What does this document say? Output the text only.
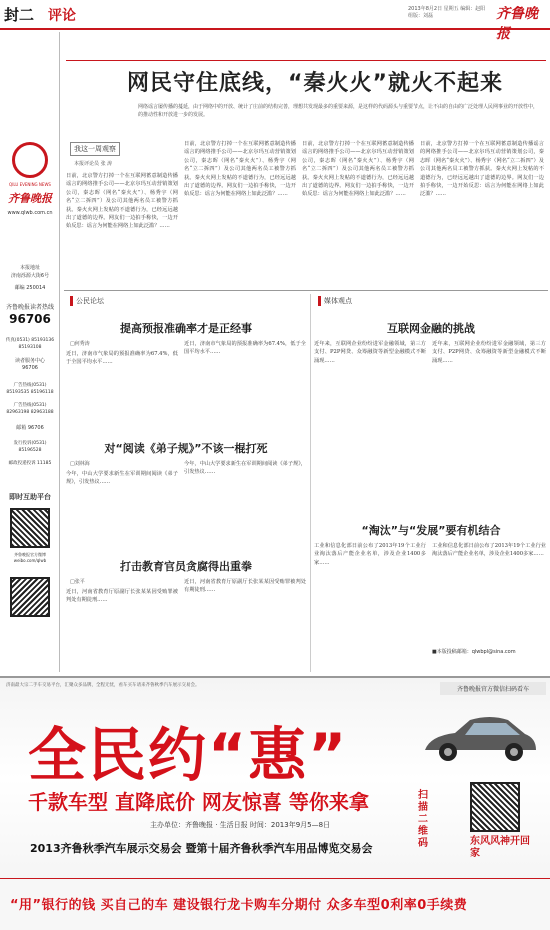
封二 评论	2013年8月2日 星期五 编辑：赵阳 组版：刘磊	齐鲁晚报
QILU EVENING NEWS
齐鲁晚报
www.qlwb.com.cn
本报地址
济南泺源大街6号
邮编 250014
齐鲁晚报读者热线
96706
传真(0531) 85193136 85193108
读者服务中心
96706
广告热线(0531) 85193535 85196118
广告热线(0531) 82963198 82963188
邮箱 96706
发行投诉(0531) 85196528
邮政投递投诉 11185
即时互助平台
齐鲁晚报官方微博 weibo.com/qlwb
网民守住底线，“秦火火”就火不起来
网络谣言屡传播的蔓延，由于网络中的开放、统计了庄前的结构完善，理想共发现最多的重要来源，是这样的代码源头与重要节点，让不由的自由的广泛处理人民网事业的开放性中，的推动性和开放进一步的发展。
我这一周观察
本报评论员 张 涛
日前，北京警方打掉一个在互联网蓄意制造传播谣言的网络推手公司——北京尔玛互动营销策划公司，秦志晖（网名“秦火火”）、杨秀宇（网名“立二拆四”）及公司其他两名员工被警方抓获。秦火火网上发帖的不道德行为，已经远远越出了道德的边界。网友们一边拍手称快，一边开始反思：谣言为何能在网络上如此泛滥？……
日前，北京警方打掉一个在互联网蓄意制造传播谣言的网络推手公司——北京尔玛互动营销策划公司，秦志晖（网名“秦火火”）、杨秀宇（网名“立二拆四”）及公司其他两名员工被警方抓获。秦火火网上发帖的不道德行为，已经远远越出了道德的边界。网友们一边拍手称快，一边开始反思：谣言为何能在网络上如此泛滥？……
日前，北京警方打掉一个在互联网蓄意制造传播谣言的网络推手公司——北京尔玛互动营销策划公司，秦志晖（网名“秦火火”）、杨秀宇（网名“立二拆四”）及公司其他两名员工被警方抓获。秦火火网上发帖的不道德行为，已经远远越出了道德的边界。网友们一边拍手称快，一边开始反思：谣言为何能在网络上如此泛滥？……
日前，北京警方打掉一个在互联网蓄意制造传播谣言的网络推手公司——北京尔玛互动营销策划公司，秦志晖（网名“秦火火”）、杨秀宇（网名“立二拆四”）及公司其他两名员工被警方抓获。秦火火网上发帖的不道德行为，已经远远越出了道德的边界。网友们一边拍手称快，一边开始反思：谣言为何能在网络上如此泛滥？……
公民论坛
提高预报准确率才是正经事
□何秀涛
近日，济南市气象局的预报准确率为67.4%，低于全国平均水平……
近日，济南市气象局的预报准确率为67.4%，低于全国平均水平……
对“阅读《弟子规》”不该一棍打死
□刘林海
今年，中山大学要求新生在军训期间阅读《弟子规》，引发热议……
今年，中山大学要求新生在军训期间阅读《弟子规》，引发热议……
打击教育官员贪腐得出重拳
□张平
近日，河南省教育厅原副厅长张某某因受贿罪被判处有期徒刑……
近日，河南省教育厅原副厅长张某某因受贿罪被判处有期徒刑……
媒体观点
互联网金融的挑战
近年来，互联网企业纷纷进军金融领域，第三方支付、P2P网贷、众筹融资等新型金融模式不断涌现……
近年来，互联网企业纷纷进军金融领域，第三方支付、P2P网贷、众筹融资等新型金融模式不断涌现……
“淘汰”与“发展”要有机结合
工业和信息化部日前公布了2013年19个工业行业淘汰落后产能企业名单，涉及企业1400多家……
工业和信息化部日前公布了2013年19个工业行业淘汰落后产能企业名单，涉及企业1400多家……
■本版投稿邮箱：qlwbpl@sina.com
济南最大宗二手车交易平台，汇聚众多品牌，全程无忧，看车买车请来齐鲁秋季汽车展示交易会。
齐鲁晚报官方微信扫码看车
全民约“惠”
千款车型 直降底价 网友惊喜 等你来拿
主办单位：齐鲁晚报 · 生活日报 时间：2013年9月5—8日
2013齐鲁秋季汽车展示交易会 暨第十届齐鲁秋季汽车用品博览交易会
扫描二维码	东风风神开回家
“用”银行的钱 买自己的车 建设银行龙卡购车分期付 众多车型0利率0手续费
